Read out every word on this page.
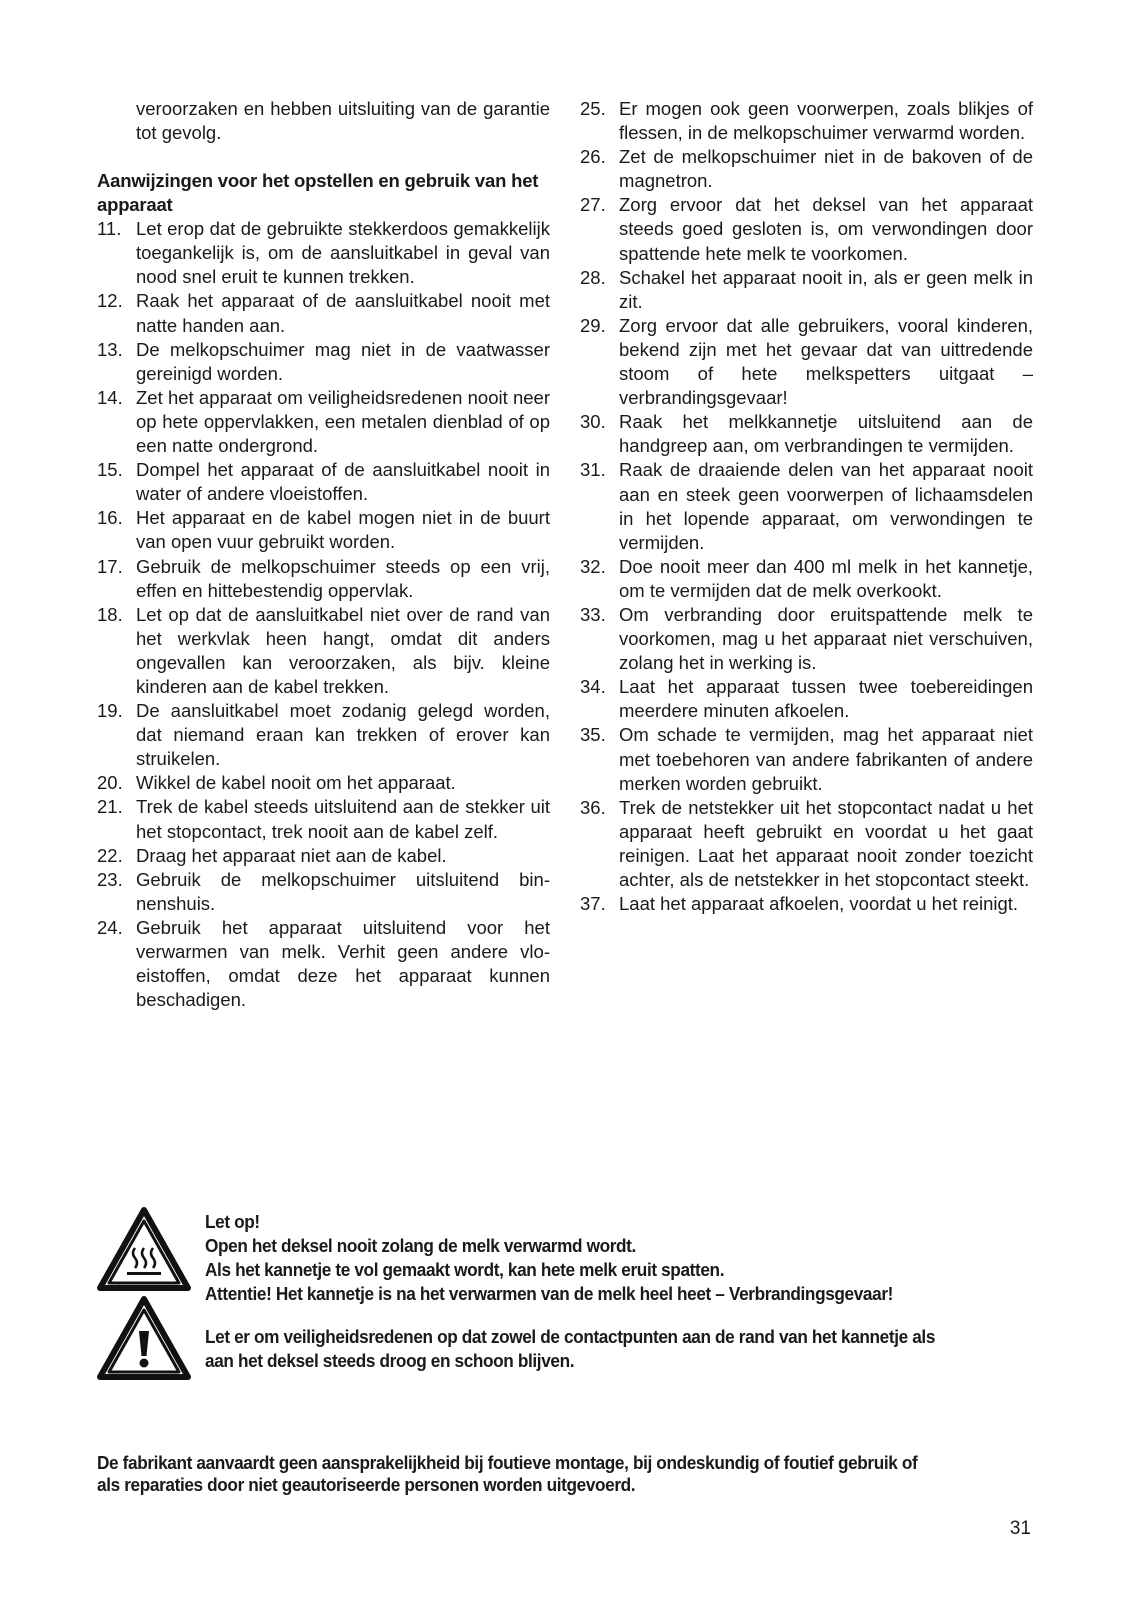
veroorzaken en hebben uitsluiting van de garantie tot gevolg.
Aanwijzingen voor het opstellen en gebruik van het apparaat
11. Let erop dat de gebruikte stekkerdoos gemakkelijk toegankelijk is, om de aansluitkabel in geval van nood snel eruit te kunnen trekken.
12. Raak het apparaat of de aansluitkabel nooit met natte handen aan.
13. De melkopschuimer mag niet in de vaatwasser gereinigd worden.
14. Zet het apparaat om veiligheidsredenen nooit neer op hete oppervlakken, een metalen dienblad of op een natte ondergrond.
15. Dompel het apparaat of de aansluitkabel nooit in water of andere vloeistoffen.
16. Het apparaat en de kabel mogen niet in de buurt van open vuur gebruikt worden.
17. Gebruik de melkopschuimer steeds op een vrij, effen en hittebestendig oppervlak.
18. Let op dat de aansluitkabel niet over de rand van het werkvlak heen hangt, omdat dit anders ongevallen kan veroorzaken, als bijv. kleine kinderen aan de kabel trekken.
19. De aansluitkabel moet zodanig gelegd worden, dat niemand eraan kan trekken of erover kan struikelen.
20. Wikkel de kabel nooit om het apparaat.
21. Trek de kabel steeds uitsluitend aan de stekker uit het stopcontact, trek nooit aan de kabel zelf.
22. Draag het apparaat niet aan de kabel.
23. Gebruik de melkopschuimer uitsluitend binnenshuis.
24. Gebruik het apparaat uitsluitend voor het verwarmen van melk. Verhit geen andere vloeistoffen, omdat deze het apparaat kunnen beschadigen.
25. Er mogen ook geen voorwerpen, zoals blikjes of flessen, in de melkopschuimer verwarmd worden.
26. Zet de melkopschuimer niet in de bakoven of de magnetron.
27. Zorg ervoor dat het deksel van het apparaat steeds goed gesloten is, om verwondingen door spattende hete melk te voorkomen.
28. Schakel het apparaat nooit in, als er geen melk in zit.
29. Zorg ervoor dat alle gebruikers, vooral kinderen, bekend zijn met het gevaar dat van uittredende stoom of hete melkspetters uitgaat – verbrandingsgevaar!
30. Raak het melkkannetje uitsluitend aan de handgreep aan, om verbrandingen te vermijden.
31. Raak de draaiende delen van het apparaat nooit aan en steek geen voorwerpen of lichaamsdelen in het lopende apparaat, om verwondingen te vermijden.
32. Doe nooit meer dan 400 ml melk in het kannetje, om te vermijden dat de melk overkookt.
33. Om verbranding door eruitspattende melk te voorkomen, mag u het apparaat niet verschuiven, zolang het in werking is.
34. Laat het apparaat tussen twee toebereidingen meerdere minuten afkoelen.
35. Om schade te vermijden, mag het apparaat niet met toebehoren van andere fabrikanten of andere merken worden gebruikt.
36. Trek de netstekker uit het stopcontact nadat u het apparaat heeft gebruikt en voordat u het gaat reinigen. Laat het apparaat nooit zonder toezicht achter, als de netstekker in het stopcontact steekt.
37. Laat het apparaat afkoelen, voordat u het reinigt.
Let op!
Open het deksel nooit zolang de melk verwarmd wordt.
Als het kannetje te vol gemaakt wordt, kan hete melk eruit spatten.
Attentie! Het kannetje is na het verwarmen van de melk heel heet – Verbrandingsgevaar!
Let er om veiligheidsredenen op dat zowel de contactpunten aan de rand van het kannetje als
aan het deksel steeds droog en schoon blijven.
De fabrikant aanvaardt geen aansprakelijkheid bij foutieve montage, bij ondeskundig of foutief gebruik of
als reparaties door niet geautoriseerde personen worden uitgevoerd.
31
